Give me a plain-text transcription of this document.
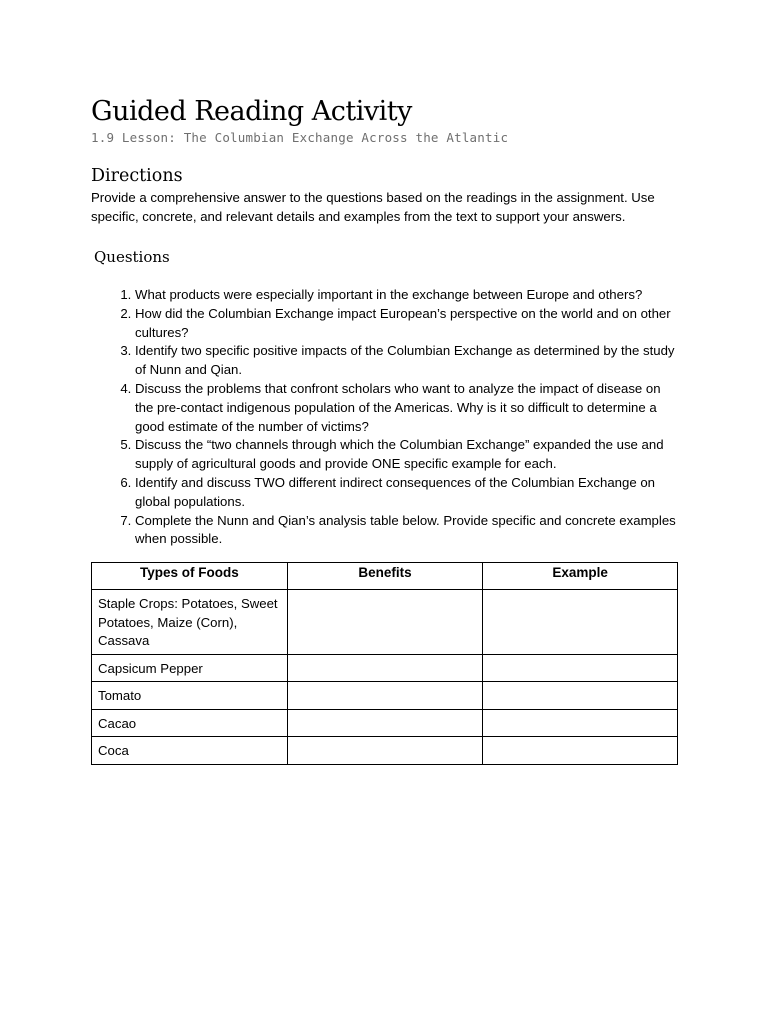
Guided Reading Activity

1.9 Lesson: The Columbian Exchange Across the Atlantic

Directions

Provide a comprehensive answer to the questions based on the readings in the assignment. Use specific, concrete, and relevant details and examples from the text to support your answers.

Questions
1. What products were especially important in the exchange between Europe and others?
2. How did the Columbian Exchange impact European’s perspective on the world and on other cultures?
3. Identify two specific positive impacts of the Columbian Exchange as determined by the study of Nunn and Qian.
4. Discuss the problems that confront scholars who want to analyze the impact of disease on the pre-contact indigenous population of the Americas. Why is it so difficult to determine a good estimate of the number of victims?
5. Discuss the “two channels through which the Columbian Exchange” expanded the use and supply of agricultural goods and provide ONE specific example for each.
6. Identify and discuss TWO different indirect consequences of the Columbian Exchange on global populations.
7. Complete the Nunn and Qian’s analysis table below. Provide specific and concrete examples when possible.
Types of Foods	Benefits	Example
Staple Crops: Potatoes, Sweet Potatoes, Maize (Corn), Cassava		
Capsicum Pepper		
Tomato		
Cacao		
Coca		
